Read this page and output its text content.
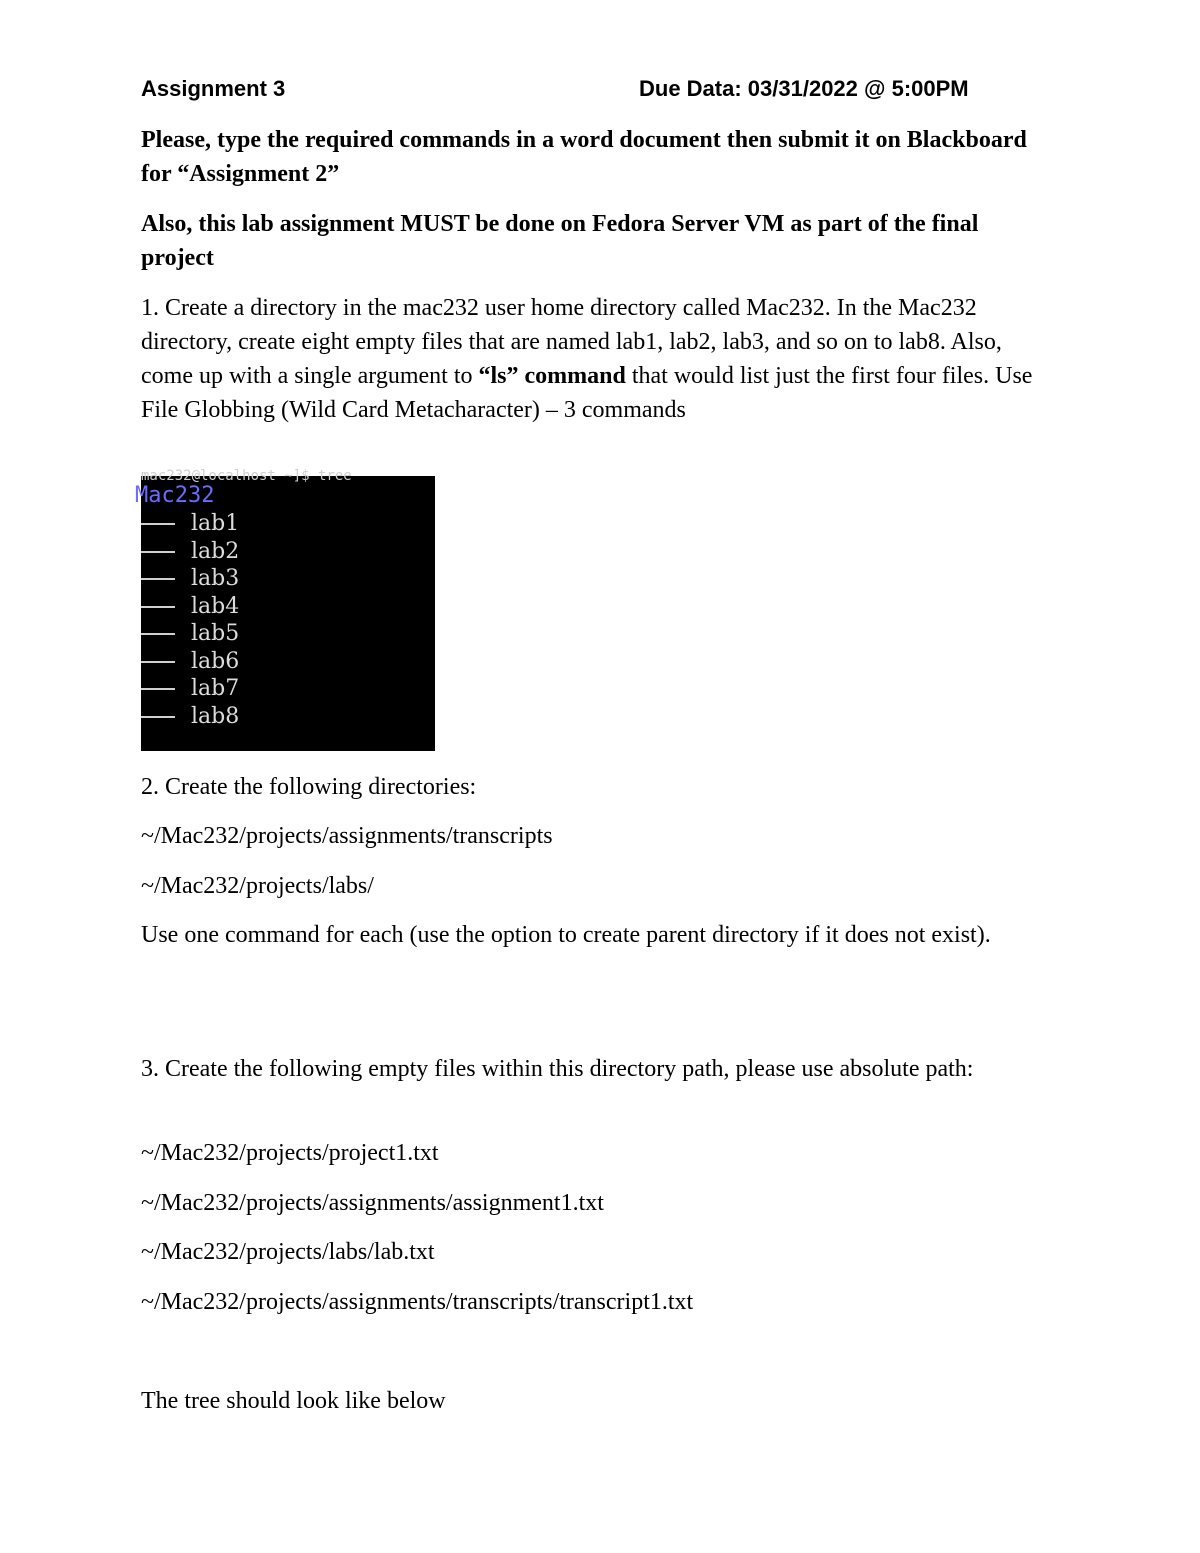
Assignment 3	Due Data: 03/31/2022 @ 5:00PM

Please, type the required commands in a word document then submit it on Blackboard for “Assignment 2”

Also, this lab assignment MUST be done on Fedora Server VM as part of the final project

1. Create a directory in the mac232 user home directory called Mac232. In the Mac232 directory, create eight empty files that are named lab1, lab2, lab3, and so on to lab8. Also, come up with a single argument to “ls” command that would list just the first four files. Use File Globbing (Wild Card Metacharacter) – 3 commands

mac232@localhost ~]$ tree
Mac232
lab1
lab2
lab3
lab4
lab5
lab6
lab7
lab8

2. Create the following directories:

~/Mac232/projects/assignments/transcripts

~/Mac232/projects/labs/

Use one command for each (use the option to create parent directory if it does not exist).

3. Create the following empty files within this directory path, please use absolute path:

~/Mac232/projects/project1.txt

~/Mac232/projects/assignments/assignment1.txt

~/Mac232/projects/labs/lab.txt

~/Mac232/projects/assignments/transcripts/transcript1.txt

The tree should look like below
